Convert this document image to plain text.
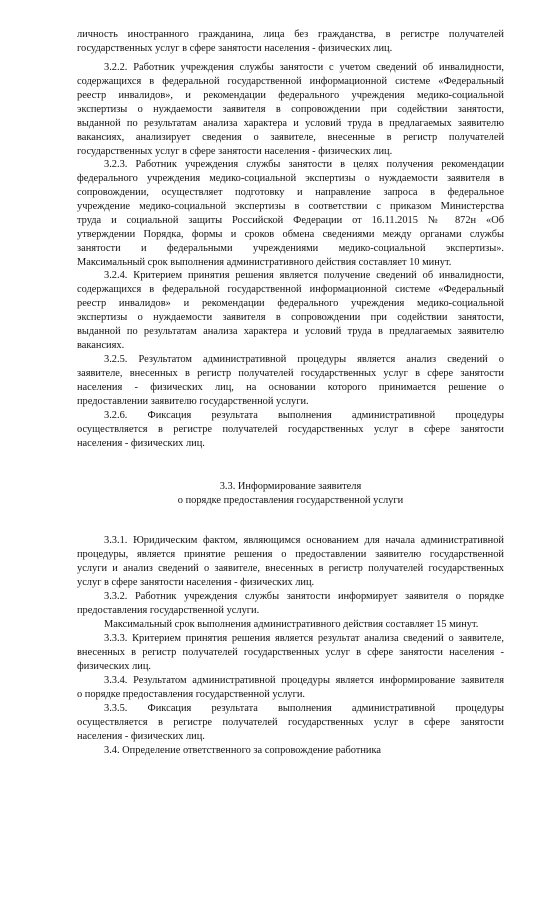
личность иностранного гражданина, лица без гражданства, в регистре получателей
государственных услуг в сфере занятости населения - физических лиц.
3.2.2. Работник учреждения службы занятости с учетом сведений об инвалидности,
содержащихся в федеральной государственной информационной системе «Федеральный
реестр инвалидов», и рекомендации федерального учреждения медико-социальной
экспертизы о нуждаемости заявителя в сопровождении при содействии занятости,
выданной по результатам анализа характера и условий труда в предлагаемых заявителю
вакансиях, анализирует сведения о заявителе, внесенные в регистр получателей
государственных услуг в сфере занятости населения - физических лиц.
3.2.3. Работник учреждения службы занятости в целях получения рекомендации
федерального учреждения медико-социальной экспертизы о нуждаемости заявителя в
сопровождении, осуществляет подготовку и направление запроса в федеральное
учреждение медико-социальной экспертизы в соответствии с приказом Министерства
труда и социальной защиты Российской Федерации от 16.11.2015 № 872н «Об
утверждении Порядка, формы и сроков обмена сведениями между органами службы
занятости и федеральными учреждениями медико-социальной экспертизы».
Максимальный срок выполнения административного действия составляет 10 минут.
3.2.4. Критерием принятия решения является получение сведений об инвалидности,
содержащихся в федеральной государственной информационной системе «Федеральный
реестр инвалидов» и рекомендации федерального учреждения медико-социальной
экспертизы о нуждаемости заявителя в сопровождении при содействии занятости,
выданной по результатам анализа характера и условий труда в предлагаемых заявителю
вакансиях.
3.2.5. Результатом административной процедуры является анализ сведений о
заявителе, внесенных в регистр получателей государственных услуг в сфере занятости
населения - физических лиц, на основании которого принимается решение о
предоставлении заявителю государственной услуги.
3.2.6. Фиксация результата выполнения административной процедуры
осуществляется в регистре получателей государственных услуг в сфере занятости
населения - физических лиц.
3.3. Информирование заявителя
о порядке предоставления государственной услуги
3.3.1. Юридическим фактом, являющимся основанием для начала административной
процедуры, является принятие решения о предоставлении заявителю государственной
услуги и анализ сведений о заявителе, внесенных в регистр получателей государственных
услуг в сфере занятости населения - физических лиц.
3.3.2. Работник учреждения службы занятости информирует заявителя о порядке
предоставления государственной услуги.
Максимальный срок выполнения административного действия составляет 15 минут.
3.3.3. Критерием принятия решения является результат анализа сведений о заявителе,
внесенных в регистр получателей государственных услуг в сфере занятости населения -
физических лиц.
3.3.4. Результатом административной процедуры является информирование заявителя
о порядке предоставления государственной услуги.
3.3.5. Фиксация результата выполнения административной процедуры
осуществляется в регистре получателей государственных услуг в сфере занятости
населения - физических лиц.
3.4. Определение ответственного за сопровождение работника
